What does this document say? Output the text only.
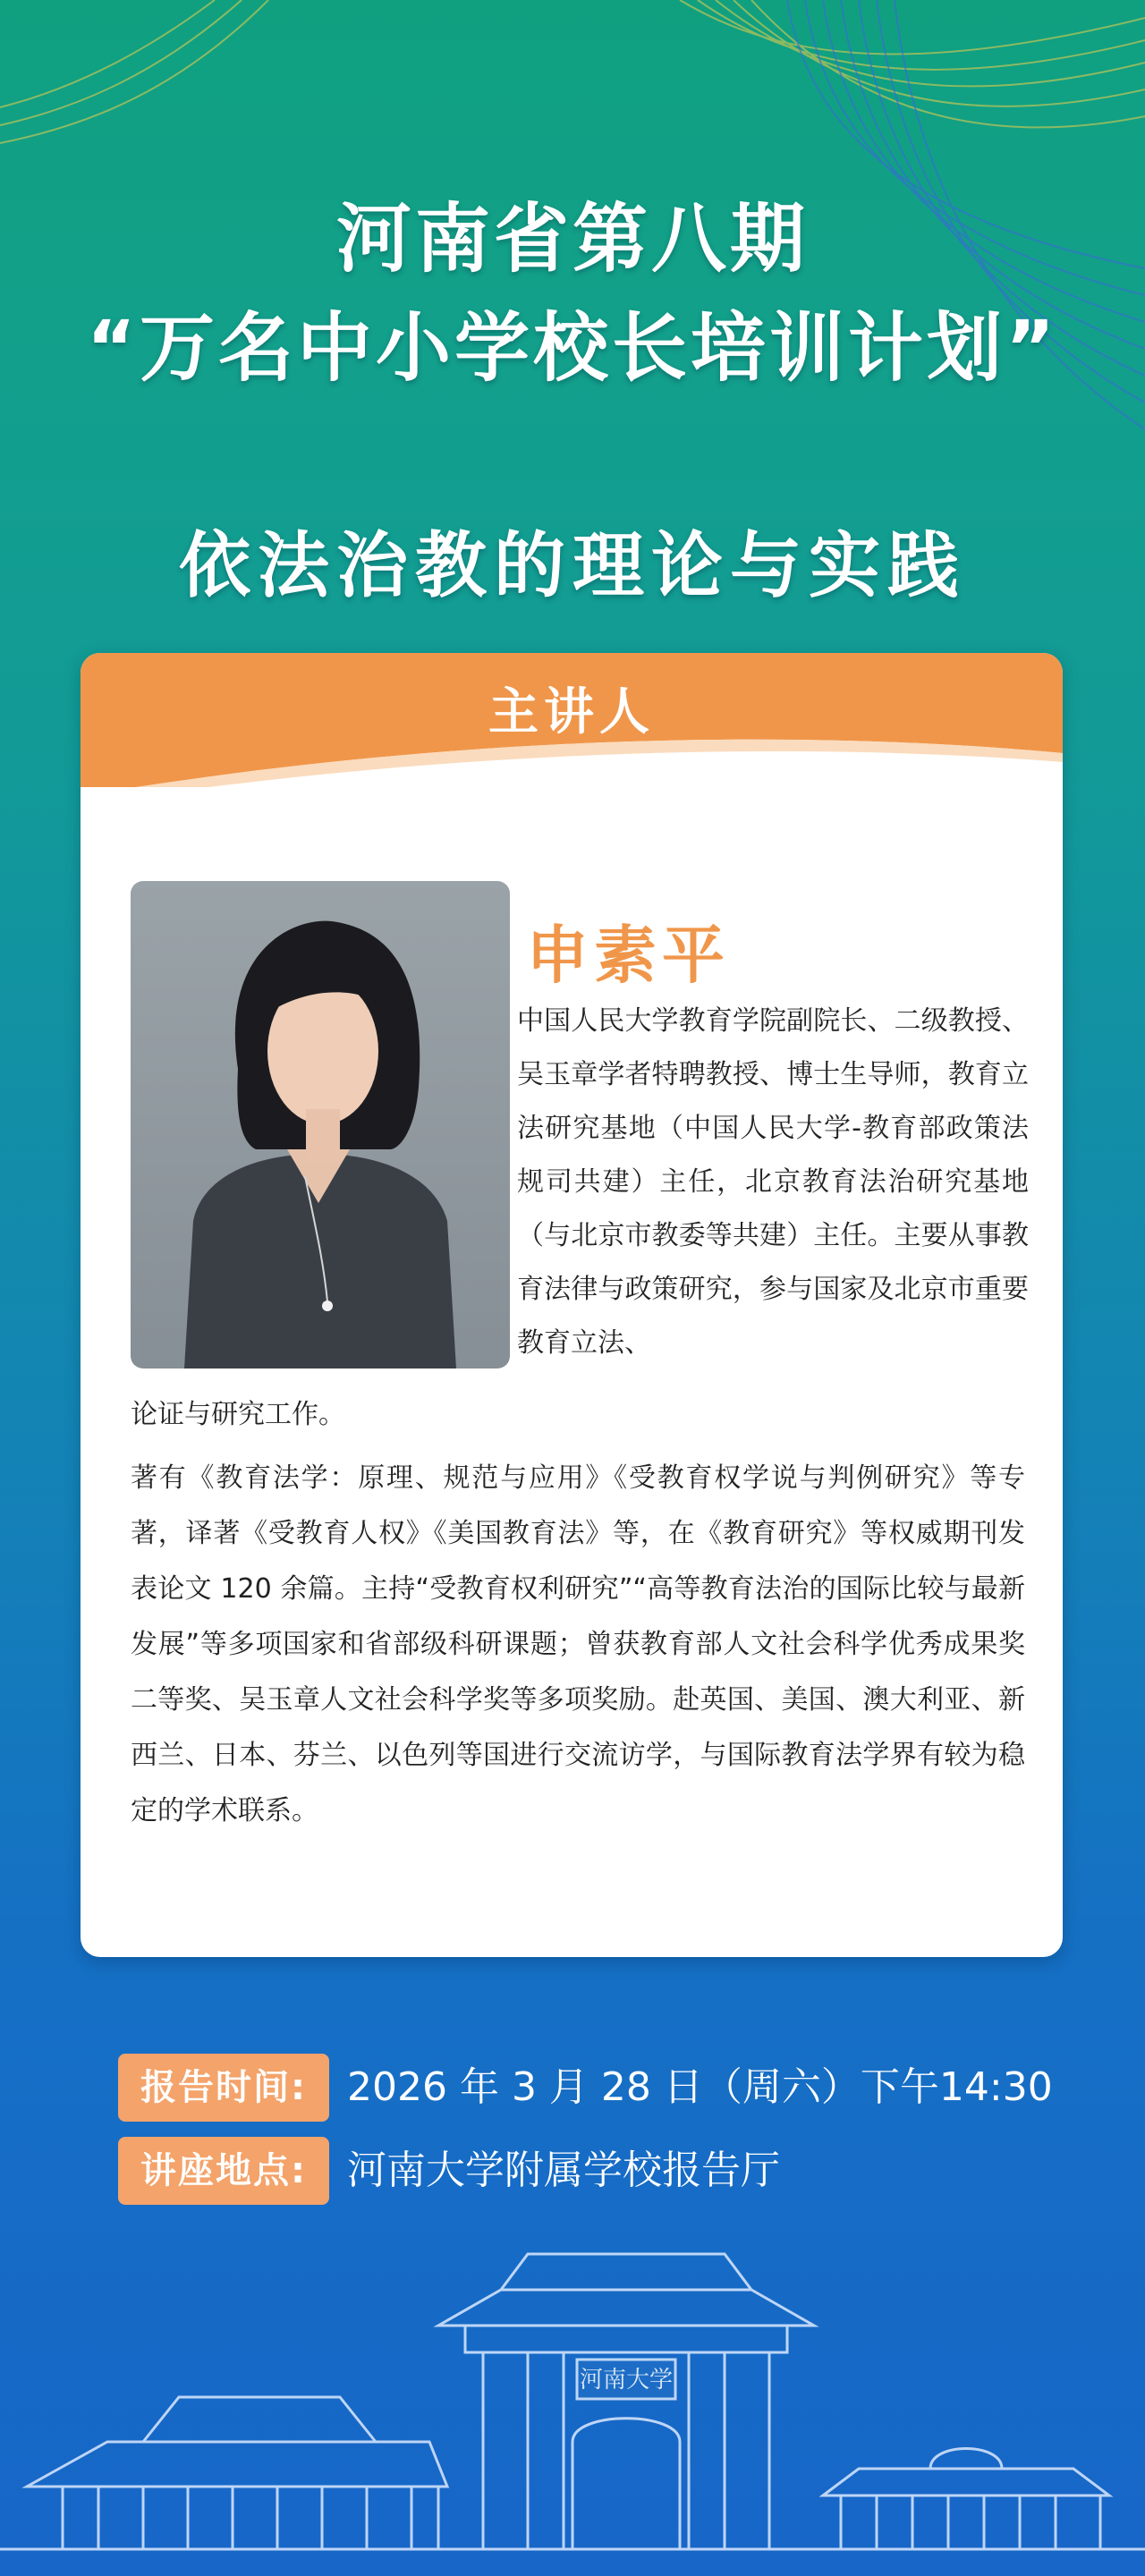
河南省第八期
“万名中小学校长培训计划”
依法治教的理论与实践
主讲人
申素平
中国人民大学教育学院副院长、二级教授、吴玉章学者特聘教授、博士生导师，教育立法研究基地（中国人民大学-教育部政策法规司共建）主任，北京教育法治研究基地（与北京市教委等共建）主任。主要从事教育法律与政策研究，参与国家及北京市重要教育立法、
论证与研究工作。
著有《教育法学：原理、规范与应用》《受教育权学说与判例研究》等专著，译著《受教育人权》《美国教育法》等，在《教育研究》等权威期刊发表论文 120 余篇。主持“受教育权利研究”“高等教育法治的国际比较与最新发展”等多项国家和省部级科研课题；曾获教育部人文社会科学优秀成果奖二等奖、吴玉章人文社会科学奖等多项奖励。赴英国、美国、澳大利亚、新西兰、日本、芬兰、以色列等国进行交流访学，与国际教育法学界有较为稳定的学术联系。
报告时间:	2026 年 3 月 28 日（周六）下午14:30
讲座地点:	河南大学附属学校报告厅
河南大学
